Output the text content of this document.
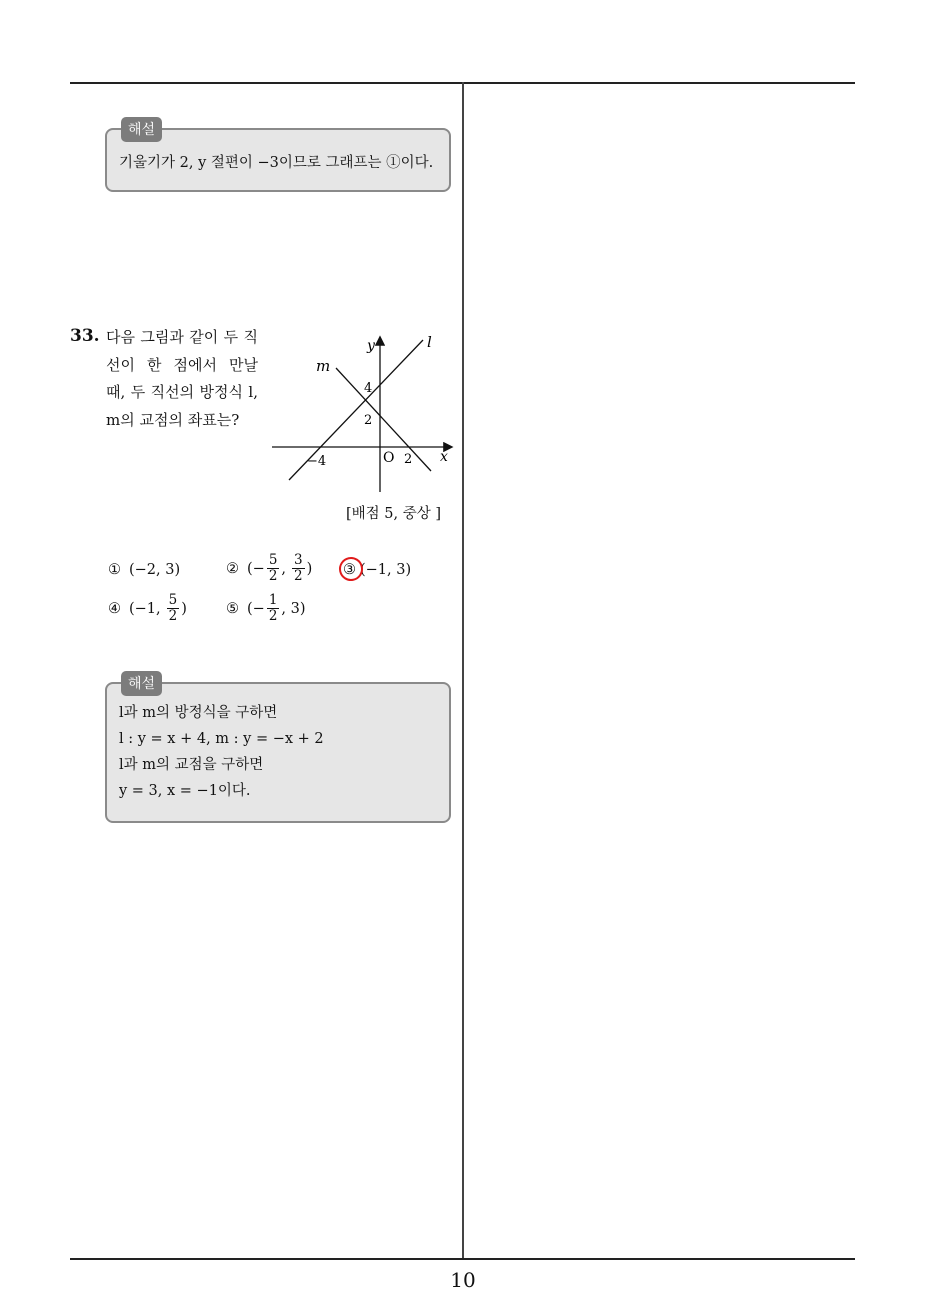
해설
기울기가 2, y 절편이 −3이므로 그래프는 ①이다.
33. 다음 그림과 같이 두 직선이 한 점에서 만날 때, 두 직선의 방정식 l, m의 교점의 좌표는?
y
x
O
l
m
4
2
−4	2
[배점 5, 중상 ]
① (−2, 3)	② (− $\frac{5}{2}$ , $\frac{3}{2}$ ) ③ (−1, 3)
④ (−1, $\frac{5}{2}$ )	⑤ (− $\frac{1}{2}$ , 3)
해설
l과 m의 방정식을 구하면
l : y = x + 4, m : y = −x + 2
l과 m의 교점을 구하면
y = 3, x = −1이다.
10
